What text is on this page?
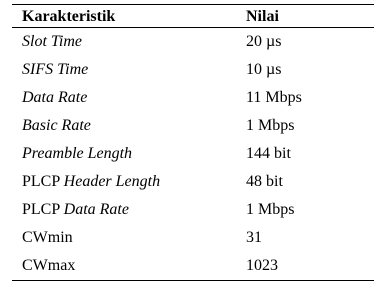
Karakteristik	Nilai
Slot Time	20 µs
SIFS Time	10 µs
Data Rate	11 Mbps
Basic Rate	1 Mbps
Preamble Length	144 bit
PLCP Header Length	48 bit
PLCP Data Rate	1 Mbps
CWmin	31
CWmax	1023
